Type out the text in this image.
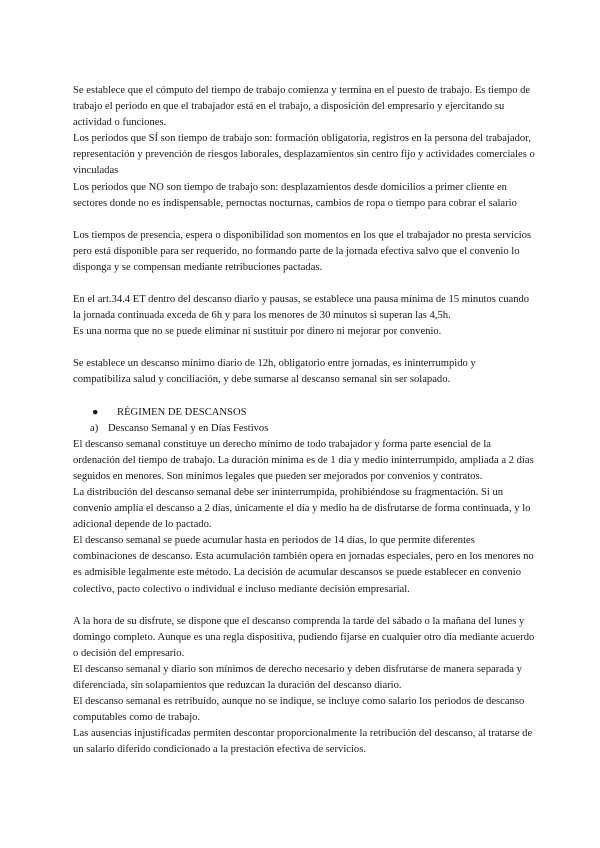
Se establece que el cómputo del tiempo de trabajo comienza y termina en el puesto de trabajo. Es tiempo de trabajo el periodo en que el trabajador está en el trabajo, a disposición del empresario y ejercitando su actividad o funciones.

Los periodos que SÍ son tiempo de trabajo son: formación obligatoria, registros en la persona del trabajador, representación y prevención de riesgos laborales, desplazamientos sin centro fijo y actividades comerciales o vinculadas

Los periodos que NO son tiempo de trabajo son: desplazamientos desde domicilios a primer cliente en sectores donde no es indispensable, pernoctas nocturnas, cambios de ropa o tiempo para cobrar el salario

Los tiempos de presencia, espera o disponibilidad son momentos en los que el trabajador no presta servicios pero está disponible para ser requerido, no formando parte de la jornada efectiva salvo que el convenio lo disponga y se compensan mediante retribuciones pactadas.

En el art.34.4 ET dentro del descanso diario y pausas, se establece una pausa mínima de 15 minutos cuando la jornada continuada exceda de 6h y para los menores de 30 minutos si superan las 4,5h.

Es una norma que no se puede eliminar ni sustituir por dinero ni mejorar por convenio.

Se establece un descanso mínimo diario de 12h, obligatorio entre jornadas, es ininterrumpido y compatibiliza salud y conciliación, y debe sumarse al descanso semanal sin ser solapado.

● RÉGIMEN DE DESCANSOS

a) Descanso Semanal y en Días Festivos

El descanso semanal constituye un derecho mínimo de todo trabajador y forma parte esencial de la ordenación del tiempo de trabajo. La duración mínima es de 1 día y medio ininterrumpido, ampliada a 2 días seguidos en menores. Son mínimos legales que pueden ser mejorados por convenios y contratos.

La distribución del descanso semanal debe ser ininterrumpida, prohibiéndose su fragmentación. Si un convenio amplía el descanso a 2 días, únicamente el día y medio ha de disfrutarse de forma continuada, y lo adicional depende de lo pactado.

El descanso semanal se puede acumular hasta en periodos de 14 días, lo que permite diferentes combinaciones de descanso. Esta acumulación también opera en jornadas especiales, pero en los menores no es admisible legalmente este método. La decisión de acumular descansos se puede establecer en convenio colectivo, pacto colectivo o individual e incluso mediante decisión empresarial.

A la hora de su disfrute, se dispone que el descanso comprenda la tarde del sábado o la mañana del lunes y domingo completo. Aunque es una regla dispositiva, pudiendo fijarse en cualquier otro día mediante acuerdo o decisión del empresario.

El descanso semanal y diario son mínimos de derecho necesario y deben disfrutarse de manera separada y diferenciada, sin solapamientos que reduzcan la duración del descanso diario.

El descanso semanal es retribuido, aunque no se indique, se incluye como salario los periodos de descanso computables como de trabajo.

Las ausencias injustificadas permiten descontar proporcionalmente la retribución del descanso, al tratarse de un salario diferido condicionado a la prestación efectiva de servicios.
